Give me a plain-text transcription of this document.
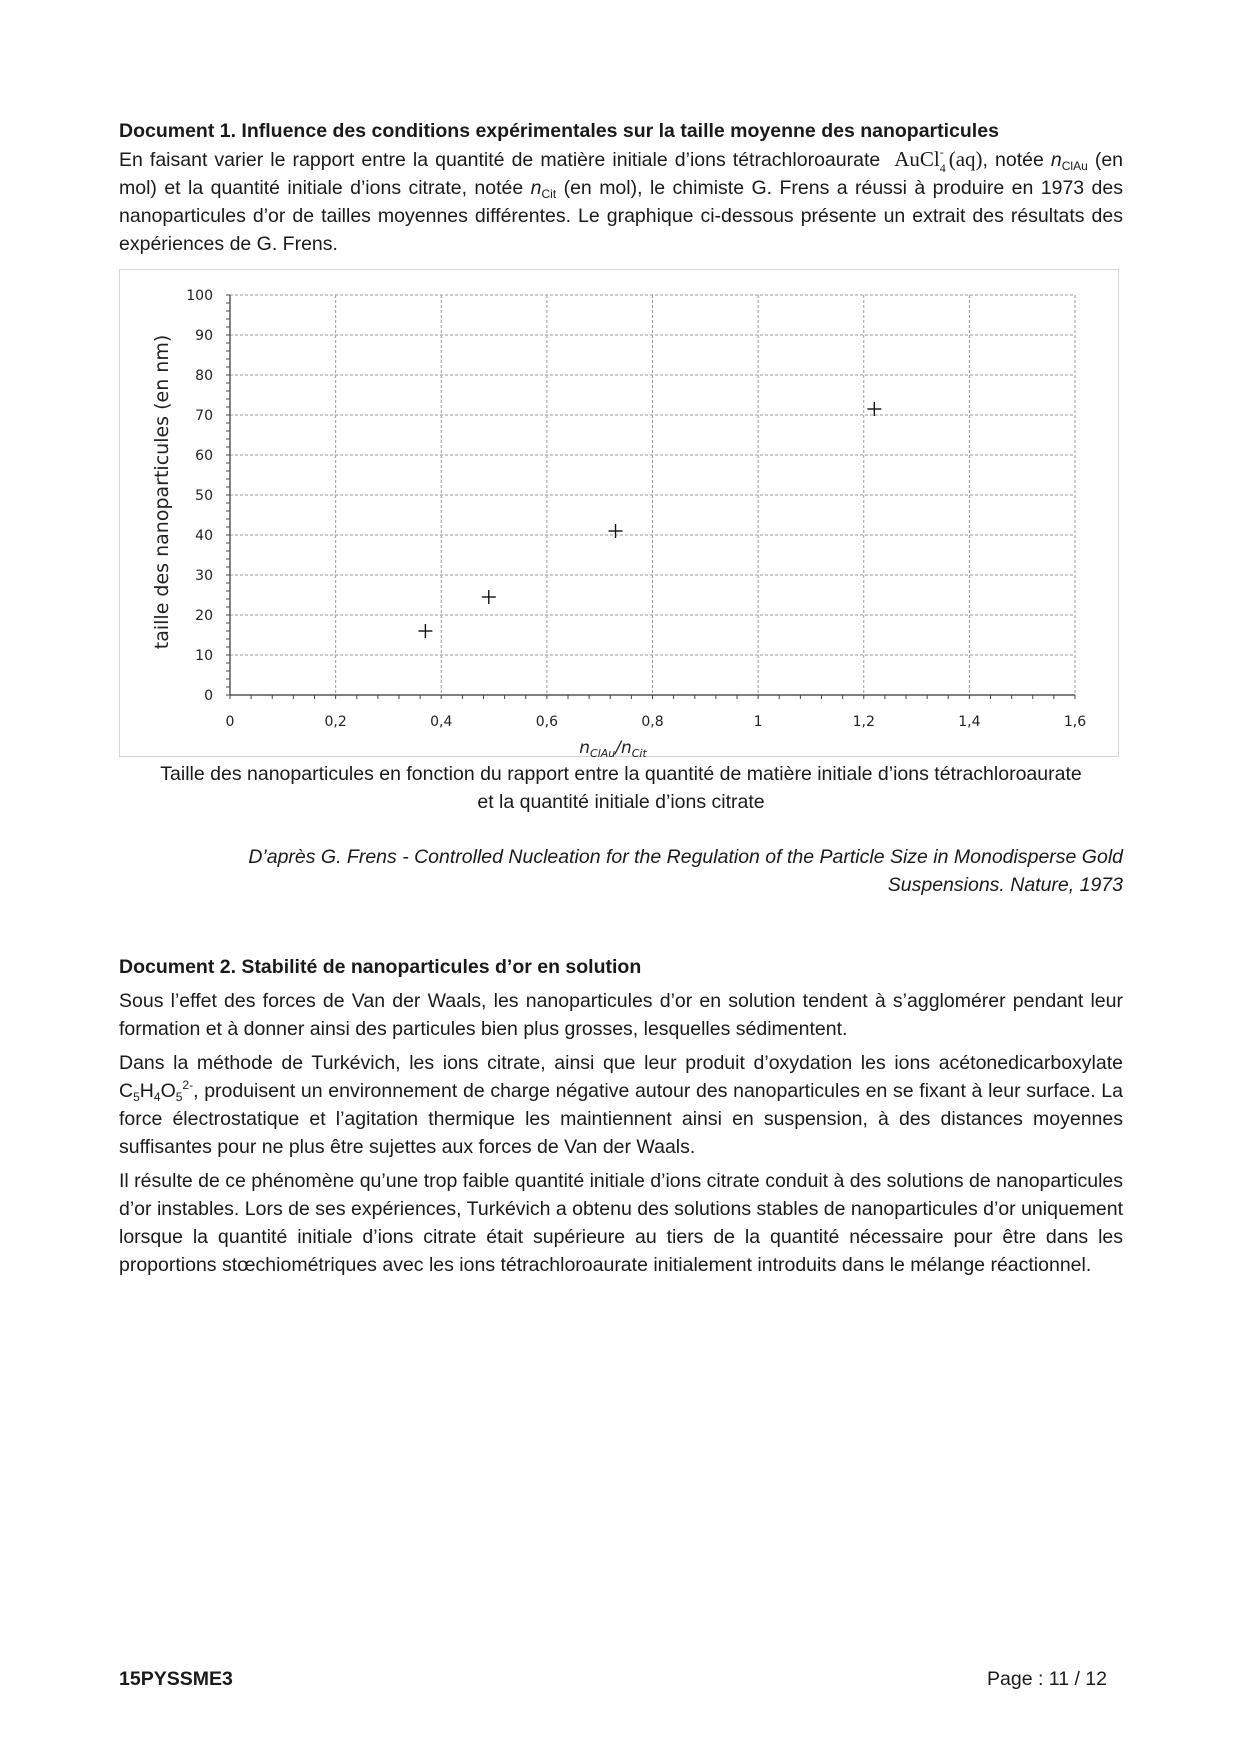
Document 1. Influence des conditions expérimentales sur la taille moyenne des nanoparticules

En faisant varier le rapport entre la quantité de matière initiale d’ions tétrachloroaurate AuCl -
4 (aq), notée $n_{ClAu}$ (en mol) et la quantité initiale d’ions citrate, notée $n_{Cit}$ (en mol), le chimiste G. Frens a réussi à produire en 1973 des nanoparticules d’or de tailles moyennes différentes. Le graphique ci-dessous présente un extrait des résultats des expériences de G. Frens.

0
10
20
30
40
50
60
70
80
90
100
0	0,2	0,4	0,6	0,8	1	1,2	1,4	1,6
taille des nanoparticules (en nm)
$n_{ClAu}/n_{Cit}$
Taille des nanoparticules en fonction du rapport entre la quantité de matière initiale d’ions tétrachloroaurate
et la quantité initiale d’ions citrate
D’après G. Frens - Controlled Nucleation for the Regulation of the Particle Size in Monodisperse Gold
Suspensions. Nature, 1973
Document 2. Stabilité de nanoparticules d’or en solution

Sous l’effet des forces de Van der Waals, les nanoparticules d’or en solution tendent à s’agglomérer pendant leur formation et à donner ainsi des particules bien plus grosses, lesquelles sédimentent.

Dans la méthode de Turkévich, les ions citrate, ainsi que leur produit d’oxydation les ions acétonedicarboxylate $C_5H_4O_5^{2-}$, produisent un environnement de charge négative autour des nanoparticules en se fixant à leur surface. La force électrostatique et l’agitation thermique les maintiennent ainsi en suspension, à des distances moyennes suffisantes pour ne plus être sujettes aux forces de Van der Waals.

Il résulte de ce phénomène qu’une trop faible quantité initiale d’ions citrate conduit à des solutions de nanoparticules d’or instables. Lors de ses expériences, Turkévich a obtenu des solutions stables de nanoparticules d’or uniquement lorsque la quantité initiale d’ions citrate était supérieure au tiers de la quantité nécessaire pour être dans les proportions stœchiométriques avec les ions tétrachloroaurate initialement introduits dans le mélange réactionnel.

15PYSSME3	Page : 11 / 12
